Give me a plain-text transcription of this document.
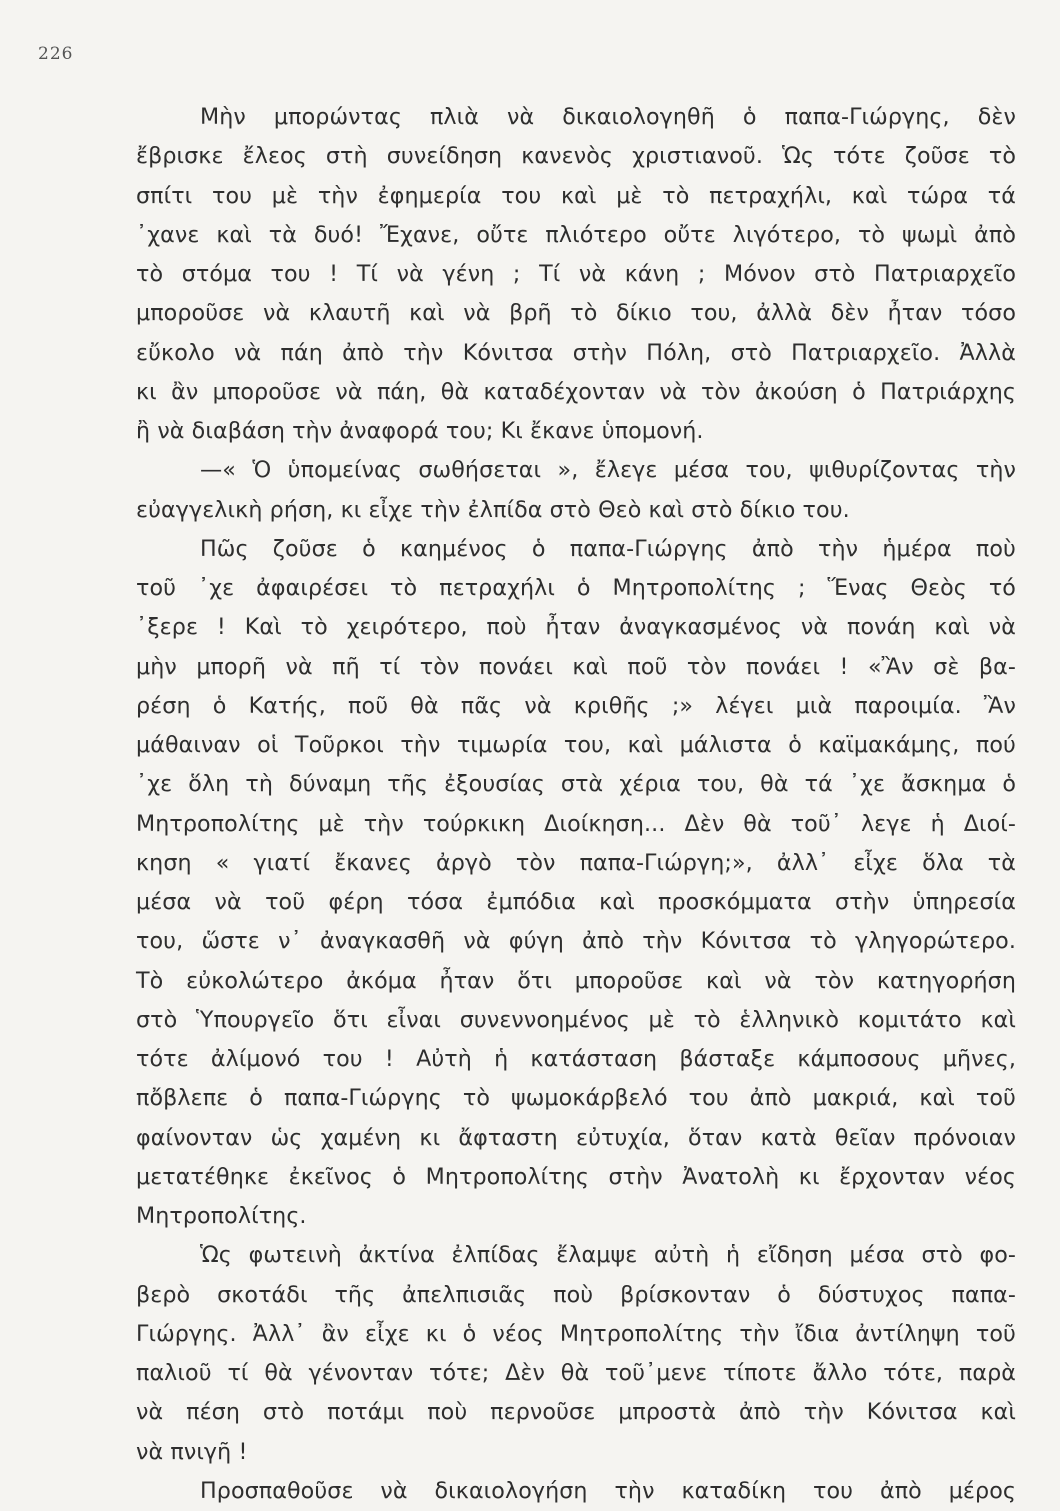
226
Μὴν μπορώντας πλιὰ νὰ δικαιολογηθῆ ὁ παπα-Γιώργης, δὲν
ἔβρισκε ἔλεος στὴ συνείδηση κανενὸς χριστιανοῦ. Ὡς τότε ζοῦσε τὸ
σπίτι του μὲ τὴν ἐφημερία του καὶ μὲ τὸ πετραχήλι, καὶ τώρα τά
᾿χανε καὶ τὰ δυό! Ἔχανε, οὔτε πλιότερο οὔτε λιγότερο, τὸ ψωμὶ ἀπὸ
τὸ στόμα του ! Τί νὰ γένη ; Τί νὰ κάνη ; Μόνον στὸ Πατριαρχεῖο
μποροῦσε νὰ κλαυτῆ καὶ νὰ βρῆ τὸ δίκιο του, ἀλλὰ δὲν ἦταν τόσο
εὔκολο νὰ πάη ἀπὸ τὴν Κόνιτσα στὴν Πόλη, στὸ Πατριαρχεῖο. Ἀλλὰ
κι ἂν μποροῦσε νὰ πάη, θὰ καταδέχονταν νὰ τὸν ἀκούση ὁ Πατριάρχης
ἢ νὰ διαβάση τὴν ἀναφορά του; Κι ἔκανε ὑπομονή.
—« Ὁ ὑπομείνας σωθήσεται », ἔλεγε μέσα του, ψιθυρίζοντας τὴν
εὐαγγελικὴ ρήση, κι εἶχε τὴν ἐλπίδα στὸ Θεὸ καὶ στὸ δίκιο του.
Πῶς ζοῦσε ὁ καημένος ὁ παπα-Γιώργης ἀπὸ τὴν ἡμέρα ποὺ
τοῦ ᾿χε ἀφαιρέσει τὸ πετραχήλι ὁ Μητροπολίτης ; Ἕνας Θεὸς τό
᾿ξερε ! Καὶ τὸ χειρότερο, ποὺ ἦταν ἀναγκασμένος νὰ πονάη καὶ νὰ
μὴν μπορῆ νὰ πῆ τί τὸν πονάει καὶ ποῦ τὸν πονάει ! «Ἂν σὲ βα-
ρέση ὁ Κατής, ποῦ θὰ πᾶς νὰ κριθῆς ;» λέγει μιὰ παροιμία. Ἂν
μάθαιναν οἱ Τοῦρκοι τὴν τιμωρία του, καὶ μάλιστα ὁ καϊμακάμης, πού
᾿χε ὅλη τὴ δύναμη τῆς ἐξουσίας στὰ χέρια του, θὰ τά ᾿χε ἄσκημα ὁ
Μητροπολίτης μὲ τὴν τούρκικη Διοίκηση... Δὲν θὰ τοῦ᾿ λεγε ἡ Διοί-
κηση « γιατί ἔκανες ἀργὸ τὸν παπα-Γιώργη;», ἀλλ᾿ εἶχε ὅλα τὰ
μέσα νὰ τοῦ φέρη τόσα ἐμπόδια καὶ προσκόμματα στὴν ὑπηρεσία
του, ὥστε ν᾿ ἀναγκασθῆ νὰ φύγη ἀπὸ τὴν Κόνιτσα τὸ γληγορώτερο.
Τὸ εὐκολώτερο ἀκόμα ἦταν ὅτι μποροῦσε καὶ νὰ τὸν κατηγορήση
στὸ Ὑπουργεῖο ὅτι εἶναι συνεννοημένος μὲ τὸ ἑλληνικὸ κομιτάτο καὶ
τότε ἀλίμονό του ! Αὐτὴ ἡ κατάσταση βάσταξε κάμποσους μῆνες,
πὄβλεπε ὁ παπα-Γιώργης τὸ ψωμοκάρβελό του ἀπὸ μακριά, καὶ τοῦ
φαίνονταν ὡς χαμένη κι ἄφταστη εὐτυχία, ὅταν κατὰ θεῖαν πρόνοιαν
μετατέθηκε ἐκεῖνος ὁ Μητροπολίτης στὴν Ἀνατολὴ κι ἔρχονταν νέος
Μητροπολίτης.
Ὡς φωτεινὴ ἀκτίνα ἐλπίδας ἔλαμψε αὐτὴ ἡ εἴδηση μέσα στὸ φο-
βερὸ σκοτάδι τῆς ἀπελπισιᾶς ποὺ βρίσκονταν ὁ δύστυχος παπα-
Γιώργης. Ἀλλ᾿ ἂν εἶχε κι ὁ νέος Μητροπολίτης τὴν ἴδια ἀντίληψη τοῦ
παλιοῦ τί θὰ γένονταν τότε; Δὲν θὰ τοῦ᾿μενε τίποτε ἄλλο τότε, παρὰ
νὰ πέση στὸ ποτάμι ποὺ περνοῦσε μπροστὰ ἀπὸ τὴν Κόνιτσα καὶ
νὰ πνιγῆ !
Προσπαθοῦσε νὰ δικαιολογήση τὴν καταδίκη του ἀπὸ μέρος
